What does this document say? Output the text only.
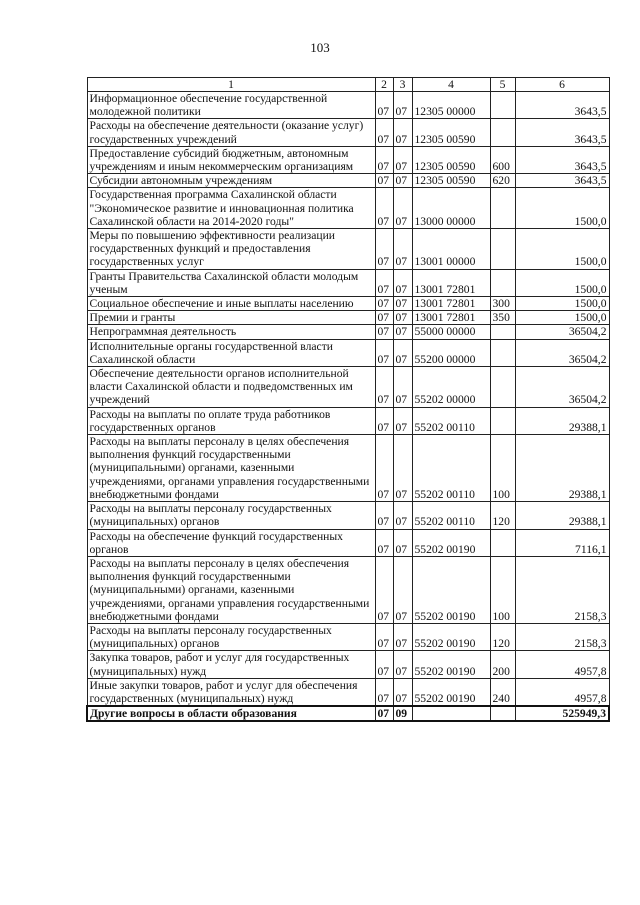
103
1	2	3	4	5	6
Информационное обеспечение государственной молодежной политики	07	07	12305 00000		3643,5
Расходы на обеспечение деятельности (оказание услуг) государственных учреждений	07	07	12305 00590		3643,5
Предоставление субсидий бюджетным, автономным учреждениям и иным некоммерческим организациям	07	07	12305 00590	600	3643,5
Субсидии автономным учреждениям	07	07	12305 00590	620	3643,5
Государственная программа Сахалинской области "Экономическое развитие и инновационная политика Сахалинской области на 2014-2020 годы"	07	07	13000 00000		1500,0
Меры по повышению эффективности реализации государственных функций и предоставления государственных услуг	07	07	13001 00000		1500,0
Гранты Правительства Сахалинской области молодым ученым	07	07	13001 72801		1500,0
Социальное обеспечение и иные выплаты населению	07	07	13001 72801	300	1500,0
Премии и гранты	07	07	13001 72801	350	1500,0
Непрограммная деятельность	07	07	55000 00000		36504,2
Исполнительные органы государственной власти Сахалинской области	07	07	55200 00000		36504,2
Обеспечение деятельности органов исполнительной власти Сахалинской области и подведомственных им учреждений	07	07	55202 00000		36504,2
Расходы на выплаты по оплате труда работников государственных органов	07	07	55202 00110		29388,1
Расходы на выплаты персоналу в целях обеспечения выполнения функций государственными (муниципальными) органами, казенными учреждениями, органами управления государственными внебюджетными фондами	07	07	55202 00110	100	29388,1
Расходы на выплаты персоналу государственных (муниципальных) органов	07	07	55202 00110	120	29388,1
Расходы на обеспечение функций государственных органов	07	07	55202 00190		7116,1
Расходы на выплаты персоналу в целях обеспечения выполнения функций государственными (муниципальными) органами, казенными учреждениями, органами управления государственными внебюджетными фондами	07	07	55202 00190	100	2158,3
Расходы на выплаты персоналу государственных (муниципальных) органов	07	07	55202 00190	120	2158,3
Закупка товаров, работ и услуг для государственных (муниципальных) нужд	07	07	55202 00190	200	4957,8
Иные закупки товаров, работ и услуг для обеспечения государственных (муниципальных) нужд	07	07	55202 00190	240	4957,8
Другие вопросы в области образования	07	09			525949,3
